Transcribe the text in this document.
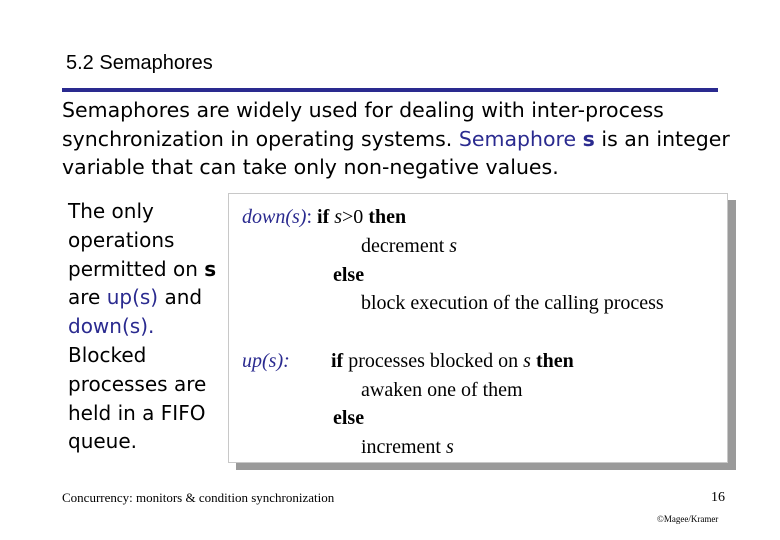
5.2 Semaphores
Semaphores are widely used for dealing with inter-process synchronization in operating systems. Semaphore s is an integer variable that can take only non-negative values.
The only operations permitted on s are up(s) and down(s). Blocked processes are held in a FIFO queue.
down(s): if s>0 then
decrement s
else
block execution of the calling process
up(s): if processes blocked on s then
awaken one of them
else
increment s
Concurrency: monitors & condition synchronization	16
©Magee/Kramer
